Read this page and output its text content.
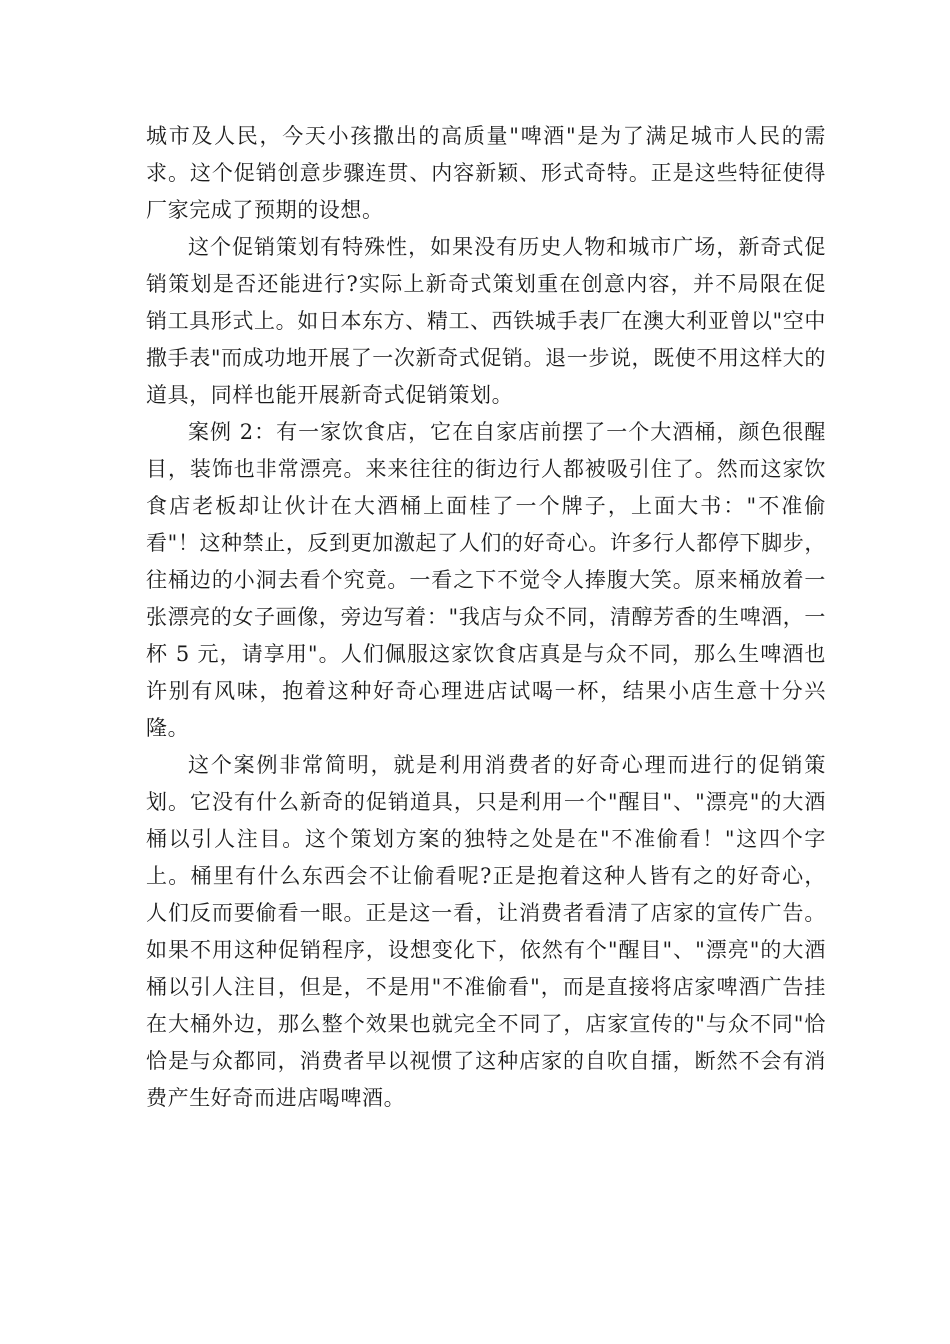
城市及人民，今天小孩撒出的高质量"啤酒"是为了满足城市人民的需求。这个促销创意步骤连贯、内容新颖、形式奇特。正是这些特征使得厂家完成了预期的设想。

这个促销策划有特殊性，如果没有历史人物和城市广场，新奇式促销策划是否还能进行?实际上新奇式策划重在创意内容，并不局限在促销工具形式上。如日本东方、精工、西铁城手表厂在澳大利亚曾以"空中撒手表"而成功地开展了一次新奇式促销。退一步说，既使不用这样大的道具，同样也能开展新奇式促销策划。

案例 2：有一家饮食店，它在自家店前摆了一个大酒桶，颜色很醒目，装饰也非常漂亮。来来往往的街边行人都被吸引住了。然而这家饮食店老板却让伙计在大酒桶上面桂了一个牌子，上面大书："不准偷看"！这种禁止，反到更加激起了人们的好奇心。许多行人都停下脚步，往桶边的小洞去看个究竟。一看之下不觉令人捧腹大笑。原来桶放着一张漂亮的女子画像，旁边写着："我店与众不同，清醇芳香的生啤酒，一杯 5 元，请享用"。人们佩服这家饮食店真是与众不同，那么生啤酒也许别有风味，抱着这种好奇心理进店试喝一杯，结果小店生意十分兴隆。

这个案例非常简明，就是利用消费者的好奇心理而进行的促销策划。它没有什么新奇的促销道具，只是利用一个"醒目"、"漂亮"的大酒桶以引人注目。这个策划方案的独特之处是在"不准偷看！"这四个字上。桶里有什么东西会不让偷看呢?正是抱着这种人皆有之的好奇心，人们反而要偷看一眼。正是这一看，让消费者看清了店家的宣传广告。如果不用这种促销程序，设想变化下，依然有个"醒目"、"漂亮"的大酒桶以引人注目，但是，不是用"不准偷看"，而是直接将店家啤酒广告挂在大桶外边，那么整个效果也就完全不同了，店家宣传的"与众不同"恰恰是与众都同，消费者早以视惯了这种店家的自吹自擂，断然不会有消费产生好奇而进店喝啤酒。
